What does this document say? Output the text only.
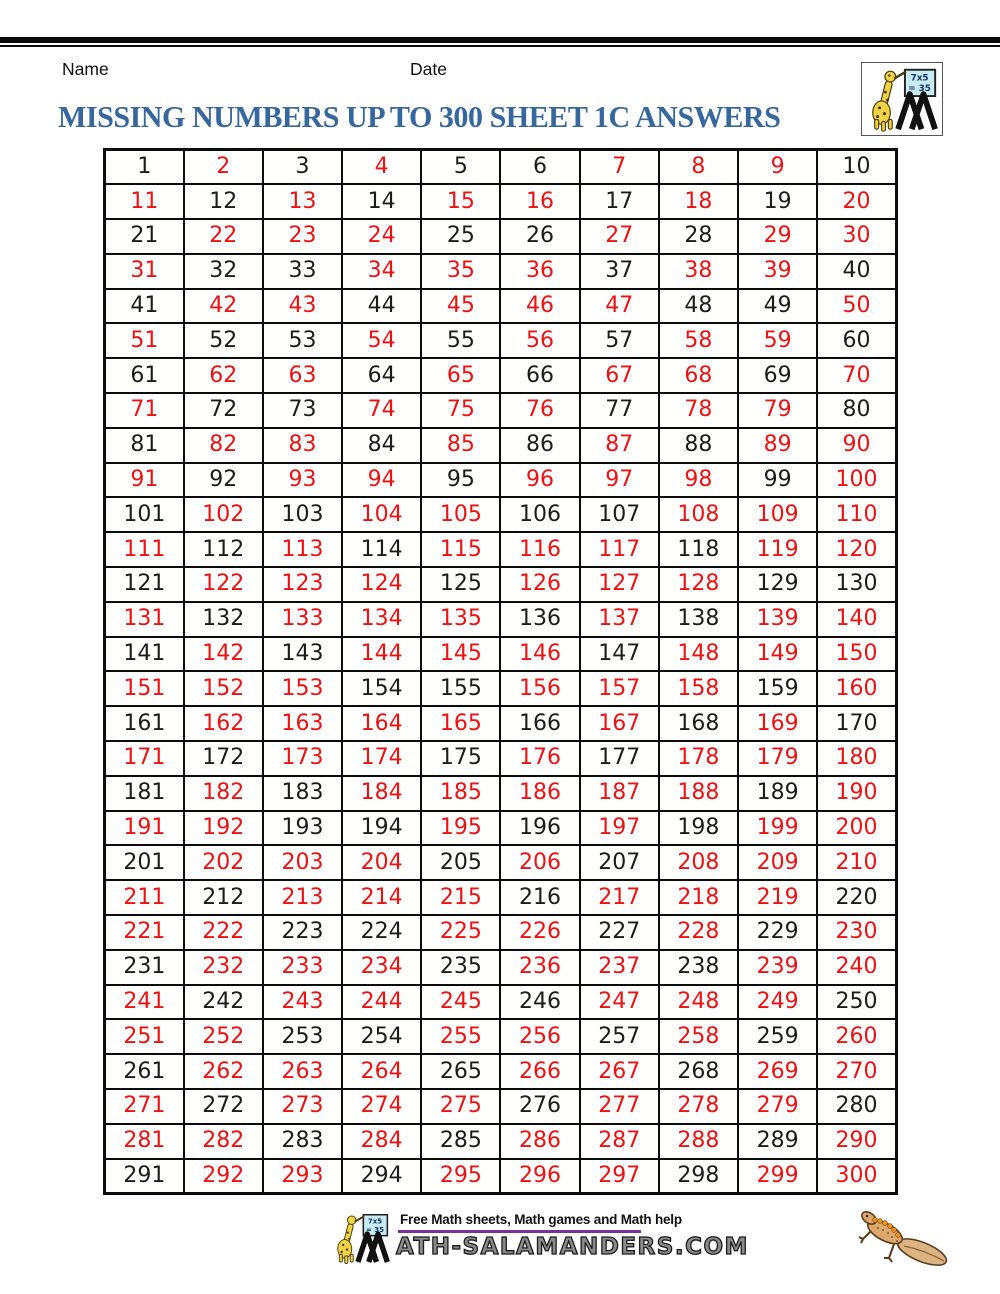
Name	Date	7x5
= 35
MISSING NUMBERS UP TO 300 SHEET 1C ANSWERS
1	2	3	4	5	6	7	8	9	10
11	12	13	14	15	16	17	18	19	20
21	22	23	24	25	26	27	28	29	30
31	32	33	34	35	36	37	38	39	40
41	42	43	44	45	46	47	48	49	50
51	52	53	54	55	56	57	58	59	60
61	62	63	64	65	66	67	68	69	70
71	72	73	74	75	76	77	78	79	80
81	82	83	84	85	86	87	88	89	90
91	92	93	94	95	96	97	98	99	100
101	102	103	104	105	106	107	108	109	110
111	112	113	114	115	116	117	118	119	120
121	122	123	124	125	126	127	128	129	130
131	132	133	134	135	136	137	138	139	140
141	142	143	144	145	146	147	148	149	150
151	152	153	154	155	156	157	158	159	160
161	162	163	164	165	166	167	168	169	170
171	172	173	174	175	176	177	178	179	180
181	182	183	184	185	186	187	188	189	190
191	192	193	194	195	196	197	198	199	200
201	202	203	204	205	206	207	208	209	210
211	212	213	214	215	216	217	218	219	220
221	222	223	224	225	226	227	228	229	230
231	232	233	234	235	236	237	238	239	240
241	242	243	244	245	246	247	248	249	250
251	252	253	254	255	256	257	258	259	260
261	262	263	264	265	266	267	268	269	270
271	272	273	274	275	276	277	278	279	280
281	282	283	284	285	286	287	288	289	290
291	292	293	294	295	296	297	298	299	300
7x5
= 35
Free Math sheets, Math games and Math help
ATH-SALAMANDERS.COM
